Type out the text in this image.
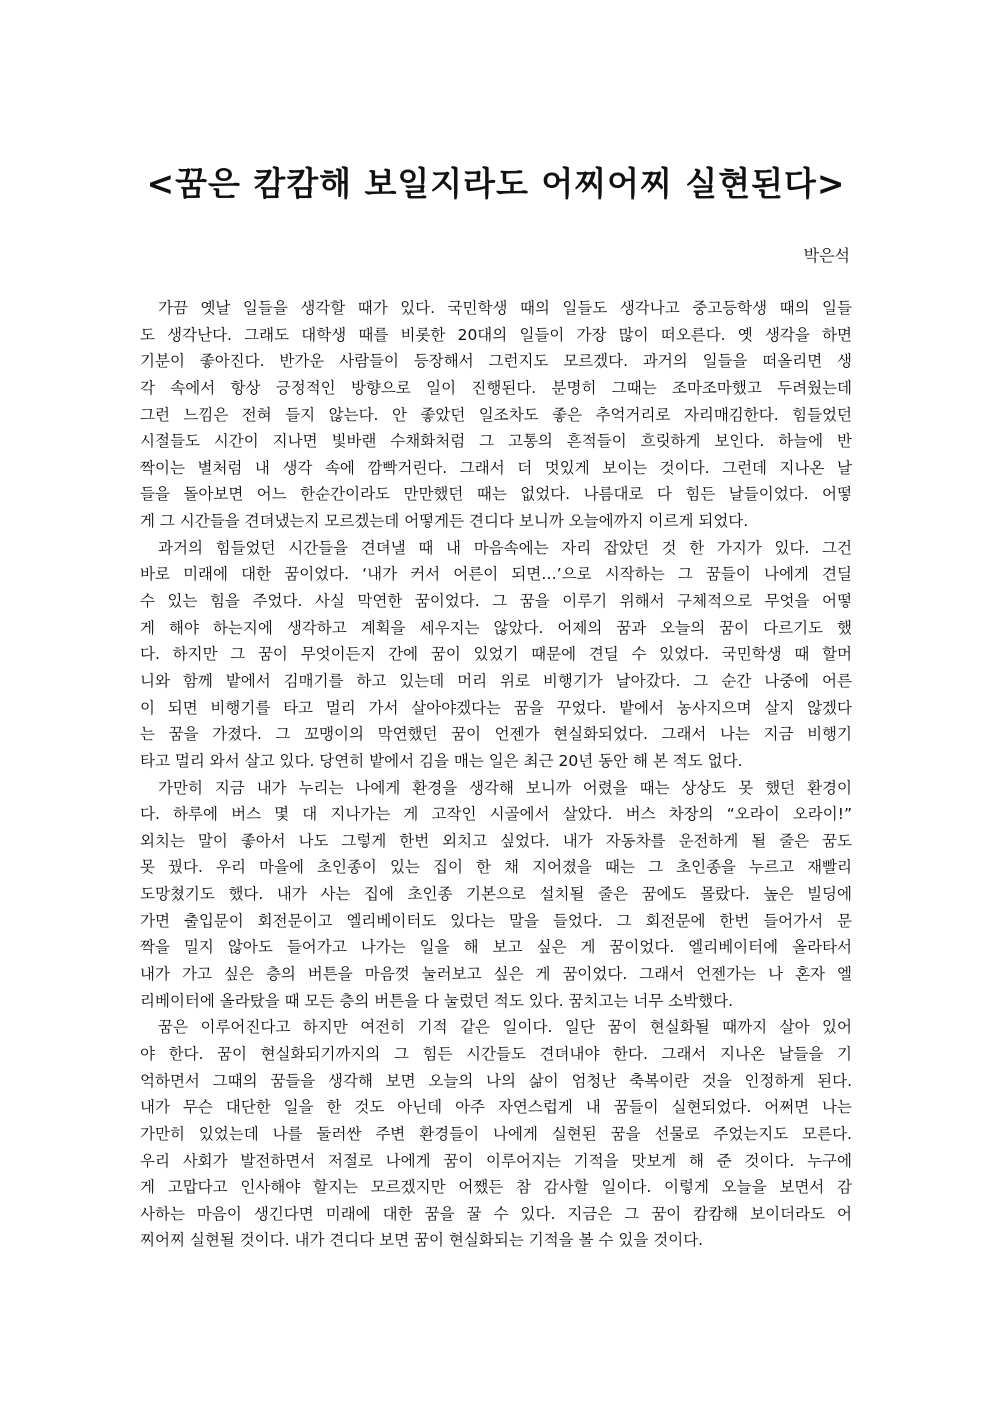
<꿈은 캄캄해 보일지라도 어찌어찌 실현된다>
박은석
가끔 옛날 일들을 생각할 때가 있다. 국민학생 때의 일들도 생각나고 중고등학생 때의 일들
도 생각난다. 그래도 대학생 때를 비롯한 20대의 일들이 가장 많이 떠오른다. 옛 생각을 하면
기분이 좋아진다. 반가운 사람들이 등장해서 그런지도 모르겠다. 과거의 일들을 떠올리면 생
각 속에서 항상 긍정적인 방향으로 일이 진행된다. 분명히 그때는 조마조마했고 두려웠는데
그런 느낌은 전혀 들지 않는다. 안 좋았던 일조차도 좋은 추억거리로 자리매김한다. 힘들었던
시절들도 시간이 지나면 빛바랜 수채화처럼 그 고통의 흔적들이 흐릿하게 보인다. 하늘에 반
짝이는 별처럼 내 생각 속에 깜빡거린다. 그래서 더 멋있게 보이는 것이다. 그런데 지나온 날
들을 돌아보면 어느 한순간이라도 만만했던 때는 없었다. 나름대로 다 힘든 날들이었다. 어떻
게 그 시간들을 견뎌냈는지 모르겠는데 어떻게든 견디다 보니까 오늘에까지 이르게 되었다.
과거의 힘들었던 시간들을 견뎌낼 때 내 마음속에는 자리 잡았던 것 한 가지가 있다. 그건
바로 미래에 대한 꿈이었다. ‘내가 커서 어른이 되면…’으로 시작하는 그 꿈들이 나에게 견딜
수 있는 힘을 주었다. 사실 막연한 꿈이었다. 그 꿈을 이루기 위해서 구체적으로 무엇을 어떻
게 해야 하는지에 생각하고 계획을 세우지는 않았다. 어제의 꿈과 오늘의 꿈이 다르기도 했
다. 하지만 그 꿈이 무엇이든지 간에 꿈이 있었기 때문에 견딜 수 있었다. 국민학생 때 할머
니와 함께 밭에서 김매기를 하고 있는데 머리 위로 비행기가 날아갔다. 그 순간 나중에 어른
이 되면 비행기를 타고 멀리 가서 살아야겠다는 꿈을 꾸었다. 밭에서 농사지으며 살지 않겠다
는 꿈을 가졌다. 그 꼬맹이의 막연했던 꿈이 언젠가 현실화되었다. 그래서 나는 지금 비행기
타고 멀리 와서 살고 있다. 당연히 밭에서 김을 매는 일은 최근 20년 동안 해 본 적도 없다.
가만히 지금 내가 누리는 나에게 환경을 생각해 보니까 어렸을 때는 상상도 못 했던 환경이
다. 하루에 버스 몇 대 지나가는 게 고작인 시골에서 살았다. 버스 차장의 “오라이 오라이!”
외치는 말이 좋아서 나도 그렇게 한번 외치고 싶었다. 내가 자동차를 운전하게 될 줄은 꿈도
못 꿨다. 우리 마을에 초인종이 있는 집이 한 채 지어졌을 때는 그 초인종을 누르고 재빨리
도망쳤기도 했다. 내가 사는 집에 초인종 기본으로 설치될 줄은 꿈에도 몰랐다. 높은 빌딩에
가면 출입문이 회전문이고 엘리베이터도 있다는 말을 들었다. 그 회전문에 한번 들어가서 문
짝을 밀지 않아도 들어가고 나가는 일을 해 보고 싶은 게 꿈이었다. 엘리베이터에 올라타서
내가 가고 싶은 층의 버튼을 마음껏 눌러보고 싶은 게 꿈이었다. 그래서 언젠가는 나 혼자 엘
리베이터에 올라탔을 때 모든 층의 버튼을 다 눌렀던 적도 있다. 꿈치고는 너무 소박했다.
꿈은 이루어진다고 하지만 여전히 기적 같은 일이다. 일단 꿈이 현실화될 때까지 살아 있어
야 한다. 꿈이 현실화되기까지의 그 힘든 시간들도 견뎌내야 한다. 그래서 지나온 날들을 기
억하면서 그때의 꿈들을 생각해 보면 오늘의 나의 삶이 엄청난 축복이란 것을 인정하게 된다.
내가 무슨 대단한 일을 한 것도 아닌데 아주 자연스럽게 내 꿈들이 실현되었다. 어쩌면 나는
가만히 있었는데 나를 둘러싼 주변 환경들이 나에게 실현된 꿈을 선물로 주었는지도 모른다.
우리 사회가 발전하면서 저절로 나에게 꿈이 이루어지는 기적을 맛보게 해 준 것이다. 누구에
게 고맙다고 인사해야 할지는 모르겠지만 어쨌든 참 감사할 일이다. 이렇게 오늘을 보면서 감
사하는 마음이 생긴다면 미래에 대한 꿈을 꿀 수 있다. 지금은 그 꿈이 캄캄해 보이더라도 어
찌어찌 실현될 것이다. 내가 견디다 보면 꿈이 현실화되는 기적을 볼 수 있을 것이다.
